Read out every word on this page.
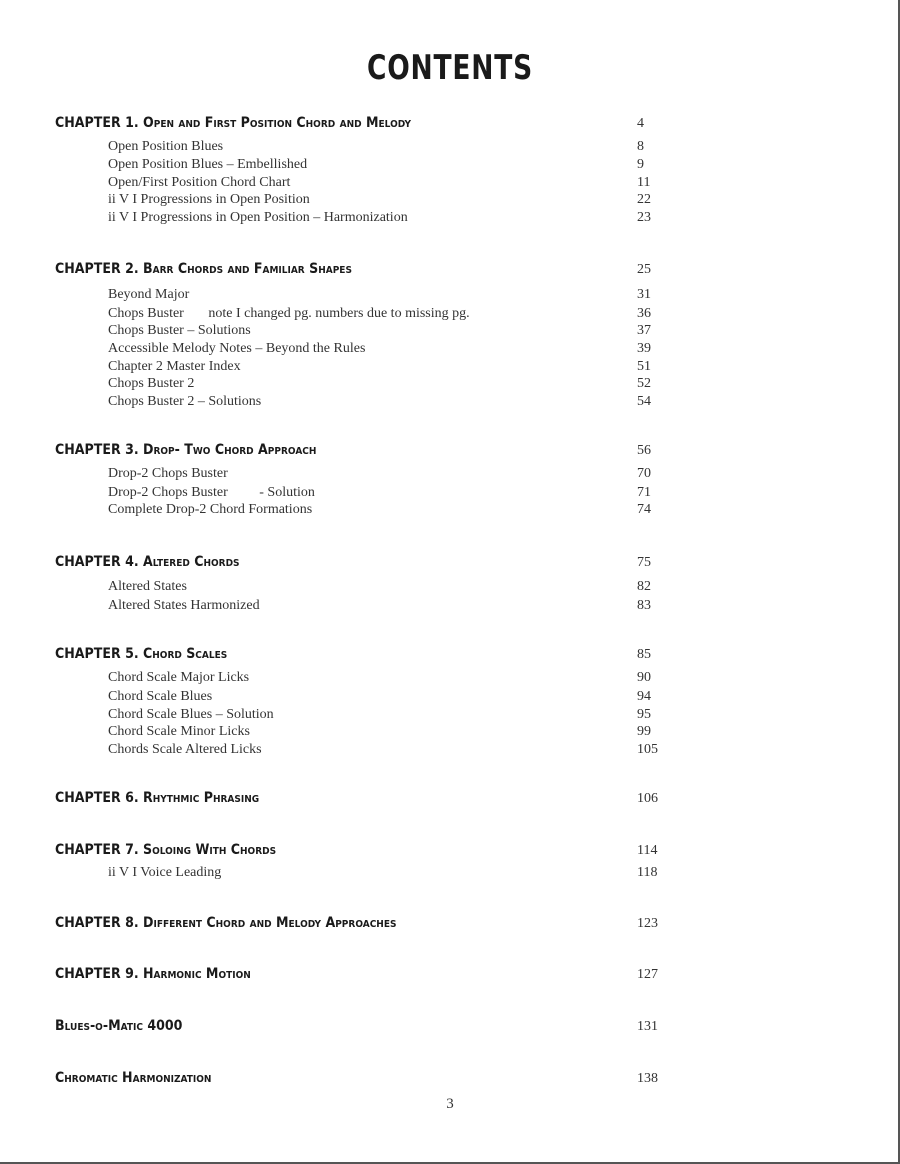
CONTENTS
CHAPTER 1. Open and First Position Chord and Melody	4
Open Position Blues	8
Open Position Blues – Embellished	9
Open/First Position Chord Chart	11
ii V I Progressions in Open Position	22
ii V I Progressions in Open Position – Harmonization	23
CHAPTER 2. Barr Chords and Familiar Shapes	25
Beyond Major	31
Chops Buster       note I changed pg. numbers due to missing pg.	36
Chops Buster – Solutions	37
Accessible Melody Notes – Beyond the Rules	39
Chapter 2 Master Index	51
Chops Buster 2	52
Chops Buster 2 – Solutions	54
CHAPTER 3. Drop- Two Chord Approach	56
Drop-2 Chops Buster	70
Drop-2 Chops Buster         - Solution	71
Complete Drop-2 Chord Formations	74
CHAPTER 4. Altered Chords	75
Altered States	82
Altered States Harmonized	83
CHAPTER 5. Chord Scales	85
Chord Scale Major Licks	90
Chord Scale Blues	94
Chord Scale Blues – Solution	95
Chord Scale Minor Licks	99
Chords Scale Altered Licks	105
CHAPTER 6. Rhythmic Phrasing	106
CHAPTER 7. Soloing With Chords	114
ii V I Voice Leading	118
CHAPTER 8. Different Chord and Melody Approaches	123
CHAPTER 9. Harmonic Motion	127
Blues-o-Matic 4000	131
Chromatic Harmonization	138
3
